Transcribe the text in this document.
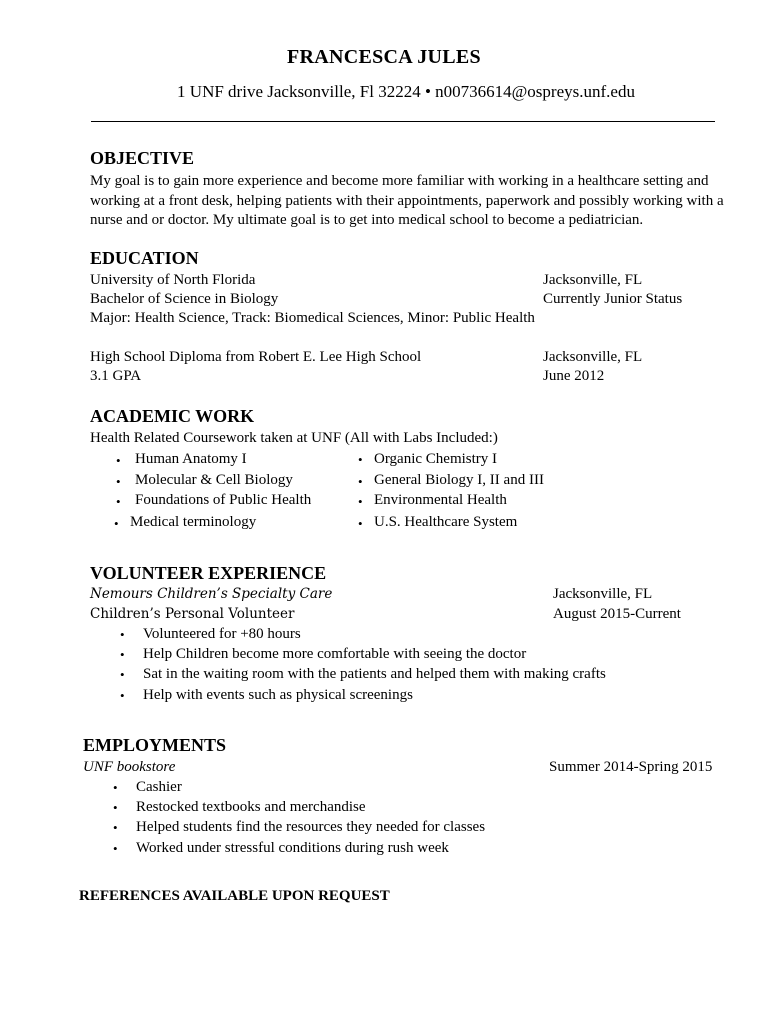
FRANCESCA JULES
1 UNF drive Jacksonville, Fl 32224 • n00736614@ospreys.unf.edu
OBJECTIVE
My goal is to gain more experience and become more familiar with working in a healthcare setting and working at a front desk, helping patients with their appointments, paperwork and possibly working with a nurse and or doctor. My ultimate goal is to get into medical school to become a pediatrician.
EDUCATION
University of North Florida	Jacksonville, FL
Bachelor of Science in Biology	Currently Junior Status
Major: Health Science, Track: Biomedical Sciences, Minor: Public Health
High School Diploma from Robert E. Lee High School	Jacksonville, FL
3.1 GPA	June 2012
ACADEMIC WORK
Health Related Coursework taken at UNF (All with Labs Included:)
• Human Anatomy I
• Molecular & Cell Biology
• Foundations of Public Health
• Medical terminology
• Organic Chemistry I
• General Biology I, II and III
• Environmental Health
• U.S. Healthcare System
VOLUNTEER EXPERIENCE
Nemours Children’s Specialty Care	Jacksonville, FL
Children’s Personal Volunteer	August 2015-Current
• Volunteered for +80 hours
• Help Children become more comfortable with seeing the doctor
• Sat in the waiting room with the patients and helped them with making crafts
• Help with events such as physical screenings
EMPLOYMENTS
UNF bookstore	Summer 2014-Spring 2015
• Cashier
• Restocked textbooks and merchandise
• Helped students find the resources they needed for classes
• Worked under stressful conditions during rush week
REFERENCES AVAILABLE UPON REQUEST
